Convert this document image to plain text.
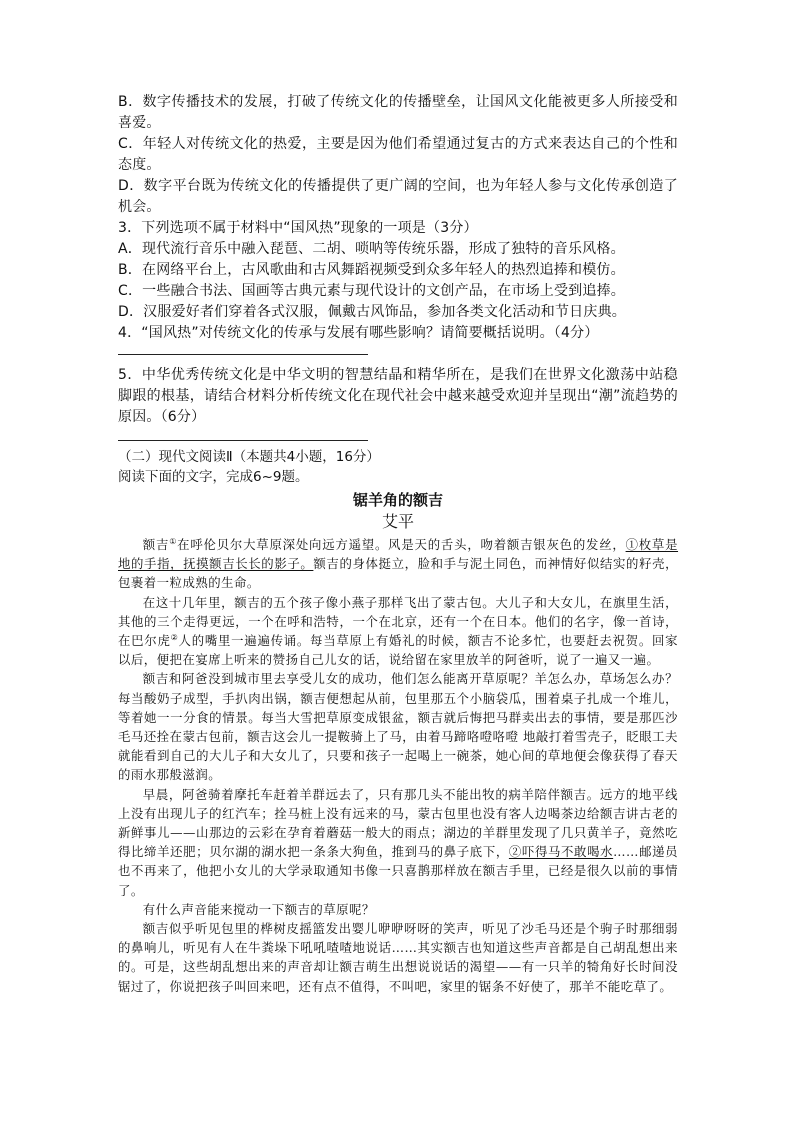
B．数字传播技术的发展，打破了传统文化的传播壁垒，让国风文化能被更多人所接受和喜爱。

C．年轻人对传统文化的热爱，主要是因为他们希望通过复古的方式来表达自己的个性和态度。

D．数字平台既为传统文化的传播提供了更广阔的空间，也为年轻人参与文化传承创造了机会。

3．下列选项不属于材料中“国风热”现象的一项是（3分）

A．现代流行音乐中融入琵琶、二胡、唢呐等传统乐器，形成了独特的音乐风格。

B．在网络平台上，古风歌曲和古风舞蹈视频受到众多年轻人的热烈追捧和模仿。

C．一些融合书法、国画等古典元素与现代设计的文创产品，在市场上受到追捧。

D．汉服爱好者们穿着各式汉服，佩戴古风饰品，参加各类文化活动和节日庆典。

4．“国风热”对传统文化的传承与发展有哪些影响？请简要概括说明。（4分）

5．中华优秀传统文化是中华文明的智慧结晶和精华所在，是我们在世界文化激荡中站稳脚跟的根基，请结合材料分析传统文化在现代社会中越来越受欢迎并呈现出“潮”流趋势的原因。（6分）

（二）现代文阅读Ⅱ（本题共4小题，16分）

阅读下面的文字，完成6~9题。

锯羊角的额吉
艾平

额吉①在呼伦贝尔大草原深处向远方遥望。风是天的舌头，吻着额吉银灰色的发丝，①枚草是地的手指，抚摸额吉长长的影子。额吉的身体挺立，脸和手与泥土同色，而神情好似结实的籽壳，包裹着一粒成熟的生命。

在这十几年里，额吉的五个孩子像小燕子那样飞出了蒙古包。大儿子和大女儿，在旗里生活，其他的三个走得更远，一个在呼和浩特，一个在北京，还有一个在日本。他们的名字，像一首诗，在巴尔虎②人的嘴里一遍遍传诵。每当草原上有婚礼的时候，额吉不论多忙，也要赶去祝贺。回家以后，便把在宴席上听来的赞扬自己儿女的话，说给留在家里放羊的阿爸听，说了一遍又一遍。

额吉和阿爸没到城市里去享受儿女的成功，他们怎么能离开草原呢？羊怎么办，草场怎么办？每当酸奶子成型，手扒肉出锅，额吉便想起从前，包里那五个小脑袋瓜，围着桌子扎成一个堆儿，等着她一一分食的情景。每当大雪把草原变成银盆，额吉就后悔把马群卖出去的事情，要是那匹沙毛马还拴在蒙古包前，额吉这会儿一提鞍骑上了马，由着马蹄咯噔咯噔 地敲打着雪壳子，眨眼工夫就能看到自己的大儿子和大女儿了，只要和孩子一起喝上一碗茶，她心间的草地便会像获得了春天的雨水那般滋润。

早晨，阿爸骑着摩托车赶着羊群远去了，只有那几头不能出牧的病羊陪伴额吉。远方的地平线上没有出现儿子的红汽车；拴马桩上没有远来的马，蒙古包里也没有客人边喝茶边给额吉讲古老的新鲜事儿——山那边的云彩在孕育着蘑菇一般大的雨点；湖边的羊群里发现了几只黄羊子，竟然吃得比缔羊还肥；贝尔湖的湖水把一条条大狗鱼，推到马的鼻子底下，②吓得马不敢喝水……邮递员也不再来了，他把小女儿的大学录取通知书像一只喜鹊那样放在额吉手里，已经是很久以前的事情了。

有什么声音能来搅动一下额吉的草原呢？

额吉似乎听见包里的桦树皮摇篮发出婴儿咿咿呀呀的笑声，听见了沙毛马还是个驹子时那细弱的鼻响儿，听见有人在牛粪垛下吼吼喳喳地说话……其实额吉也知道这些声音都是自己胡乱想出来的。可是，这些胡乱想出来的声音却让额吉萌生出想说说话的渴望——有一只羊的犄角好长时间没锯过了，你说把孩子叫回来吧，还有点不值得，不叫吧，家里的锯条不好使了，那羊不能吃草了。
